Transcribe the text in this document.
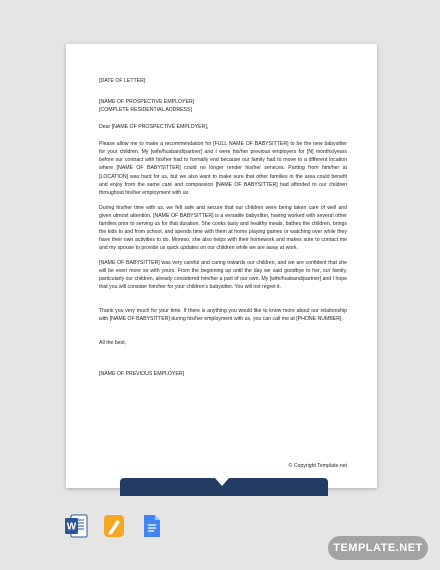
[DATE OF LETTER]
[NAME OF PROSPECTIVE EMPLOYER]
[COMPLETE RESIDENTIAL ADDRESS]
Dear [NAME OF PROSPECTIVE EMPLOYER],

Please allow me to make a recommendation for [FULL NAME OF BABYSITTER] to be the new babysitter for your children. My [wife/husband/partner] and I were his/her previous employers for [N] months/years before our contract with his/her had to formally end because our family had to move to a different location where [NAME OF BABYSITTER] could no longer render his/her services. Parting from him/her at [LOCATION] was hard for us, but we also want to make sure that other families in the area could benefit and enjoy from the same care and compassion [NAME OF BABYSITTER] had afforded to our children throughout his/her employment with us.

During his/her time with us, we felt safe and secure that our children were being taken care of well and given utmost attention. [NAME OF BABYSITTER] is a versatile babysitter, having worked with several other families prior to serving us for that duration. She cooks tasty and healthy meals, bathes the children, brings the kids to and from school, and spends time with them at home playing games or watching over while they have their own activities to do. Moreso, she also helps with their homework and makes sure to contact me and my spouse to provide us quick updates on our children while we are away at work.

[NAME OF BABYSITTER] was very careful and caring towards our children, and we are confident that she will be even more so with yours. From the beginning up until the day we said goodbye to her, our family, particularly our children, already considered him/her a part of our own. My [wife/husband/partner] and I hope that you will consider him/her for your children's babysitter. You will not regret it.

Thank you very much for your time. If there is anything you would like to know more about our relationship with [NAME OF BABYSITTER] during his/her employment with us, you can call me at [PHONE NUMBER].

All the best,
[NAME OF PREVIOUS EMPLOYER]
© Copyright Template.net
W
TEMPLATE.NET
